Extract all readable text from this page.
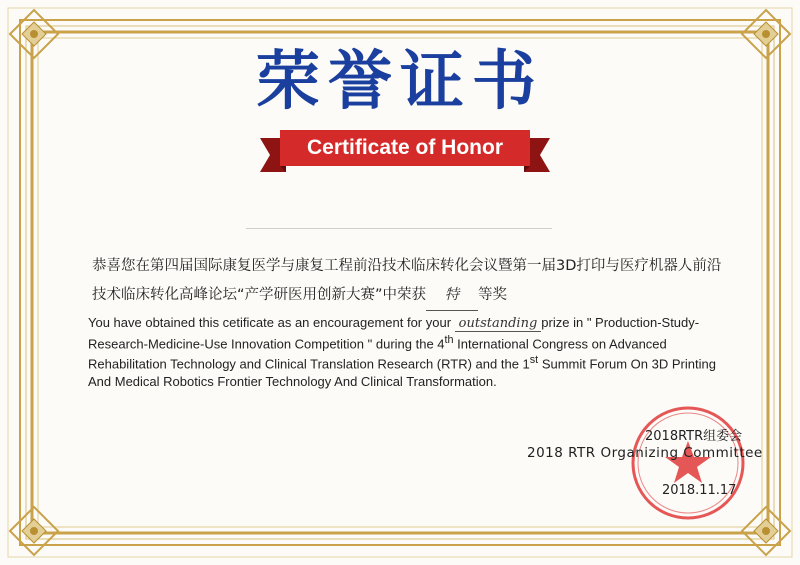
荣誉证书
Certificate of Honor
恭喜您在第四届国际康复医学与康复工程前沿技术临床转化会议暨第一届3D打印与医疗机器人前沿技术临床转化高峰论坛“产学研医用创新大赛”中荣获 特 等奖
You have obtained this cetificate as an encouragement for your outstanding prize in " Production-Study-Research-Medicine-Use Innovation Competition " during the 4th International Congress on Advanced Rehabilitation Technology and Clinical Translation Research (RTR) and the 1st Summit Forum On 3D Printing And Medical Robotics Frontier Technology And Clinical Transformation.
2018RTR组委会
2018 RTR Organizing Committee
2018.11.17
